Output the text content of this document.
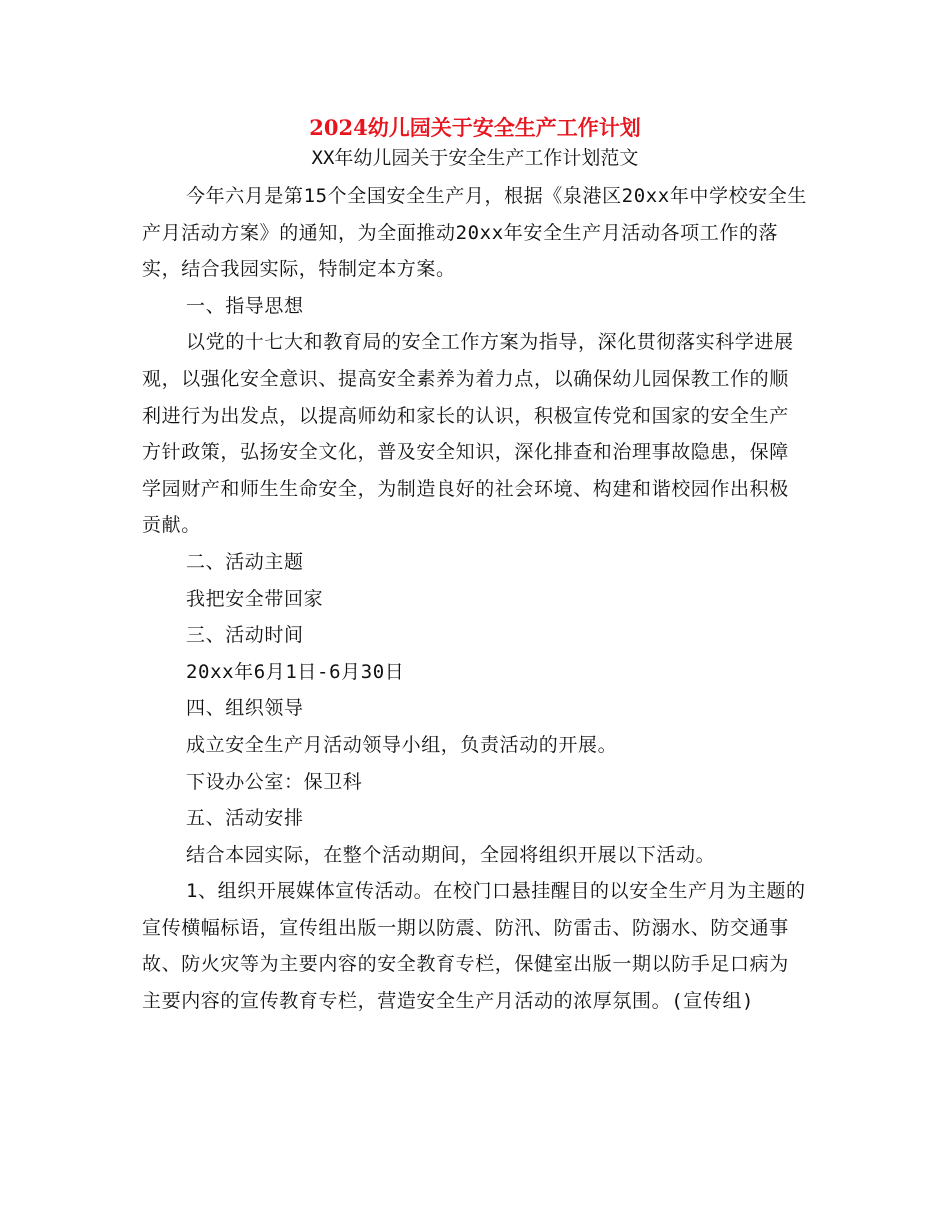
2024幼儿园关于安全生产工作计划
XX年幼儿园关于安全生产工作计划范文

今年六月是第15个全国安全生产月，根据《泉港区20xx年中学校安全生产月活动方案》的通知，为全面推动20xx年安全生产月活动各项工作的落实，结合我园实际，特制定本方案。

一、指导思想

以党的十七大和教育局的安全工作方案为指导，深化贯彻落实科学进展观，以强化安全意识、提高安全素养为着力点，以确保幼儿园保教工作的顺利进行为出发点，以提高师幼和家长的认识，积极宣传党和国家的安全生产方针政策，弘扬安全文化，普及安全知识，深化排查和治理事故隐患，保障学园财产和师生生命安全，为制造良好的社会环境、构建和谐校园作出积极贡献。

二、活动主题

我把安全带回家

三、活动时间

20xx年6月1日-6月30日

四、组织领导

成立安全生产月活动领导小组，负责活动的开展。

下设办公室：保卫科

五、活动安排

结合本园实际，在整个活动期间，全园将组织开展以下活动。

1、组织开展媒体宣传活动。在校门口悬挂醒目的以安全生产月为主题的宣传横幅标语，宣传组出版一期以防震、防汛、防雷击、防溺水、防交通事故、防火灾等为主要内容的安全教育专栏，保健室出版一期以防手足口病为主要内容的宣传教育专栏，营造安全生产月活动的浓厚氛围。(宣传组)
